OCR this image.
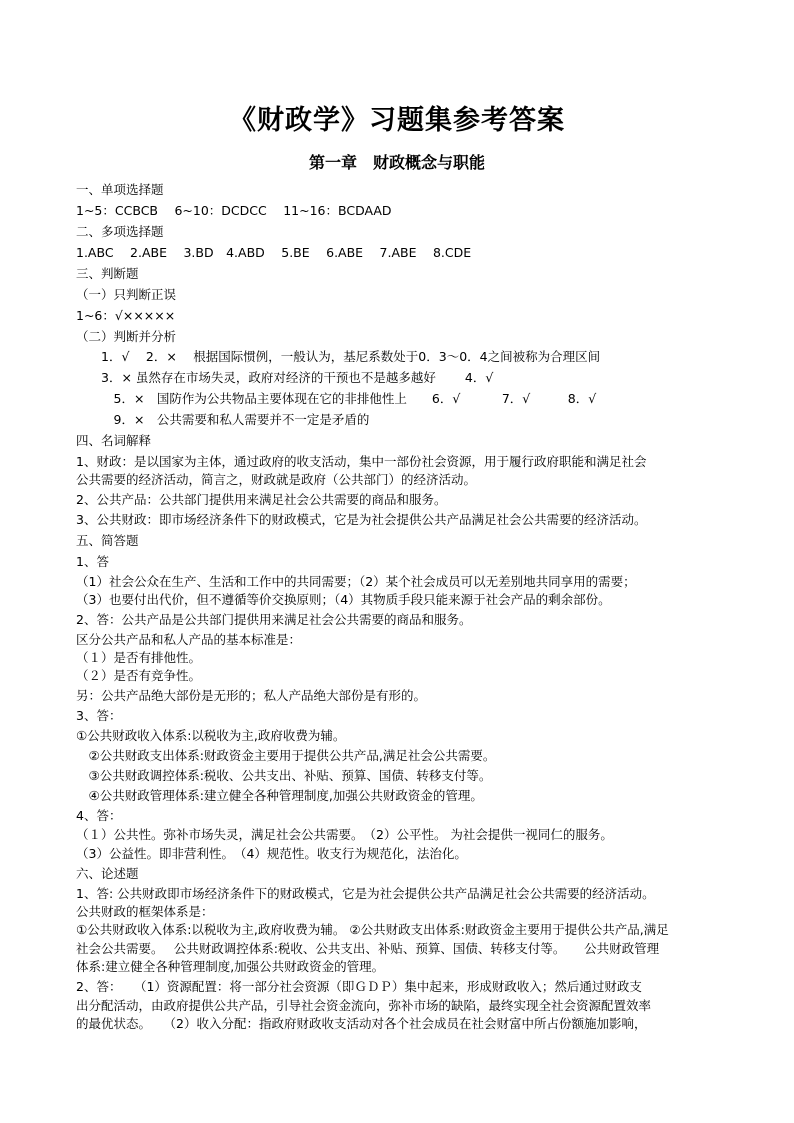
《财政学》习题集参考答案
第一章　财政概念与职能
一、单项选择题
1~5：CCBCB　 6~10：DCDCC　 11~16：BCDAAD
二、多项选择题
1.ABC　 2.ABE　 3.BD　4.ABD　 5.BE　 6.ABE　 7.ABE　 8.CDE
三、判断题
（一）只判断正误
1~6：√×××××
（二）判断并分析
　　1．√　 2．×　 根据国际惯例，一般认为，基尼系数处于0．3～0．4之间被称为合理区间
　　3．× 虽然存在市场失灵，政府对经济的干预也不是越多越好　　 4．√
　　　5．×　国防作为公共物品主要体现在它的非排他性上　　6．√　　　 7．√　　　8．√
　　　9．×　公共需要和私人需要并不一定是矛盾的
四、名词解释
1、财政：是以国家为主体，通过政府的收支活动，集中一部份社会资源，用于履行政府职能和满足社会
公共需要的经济活动，简言之，财政就是政府（公共部门）的经济活动。
2、公共产品：公共部门提供用来满足社会公共需要的商品和服务。
3、公共财政：即市场经济条件下的财政模式，它是为社会提供公共产品满足社会公共需要的经济活动。
五、简答题
1、答
（1）社会公众在生产、生活和工作中的共同需要；（2）某个社会成员可以无差别地共同享用的需要；
（3）也要付出代价，但不遵循等价交换原则；（4）其物质手段只能来源于社会产品的剩余部份。
2、答：公共产品是公共部门提供用来满足社会公共需要的商品和服务。
区分公共产品和私人产品的基本标准是：
（１）是否有排他性。
（２）是否有竞争性。
另：公共产品绝大部份是无形的；私人产品绝大部份是有形的。
3、答：
①公共财政收入体系:以税收为主,政府收费为辅。
　②公共财政支出体系:财政资金主要用于提供公共产品,满足社会公共需要。
　③公共财政调控体系:税收、公共支出、补贴、预算、国债、转移支付等。
　④公共财政管理体系:建立健全各种管理制度,加强公共财政资金的管理。
4、答：
（１）公共性。弥补市场失灵，满足社会公共需要。　（2）公平性。 为社会提供一视同仁的服务。
（3）公益性。即非营利性。　（4）规范性。收支行为规范化，法治化。
六、论述题
1、答: 公共财政即市场经济条件下的财政模式，它是为社会提供公共产品满足社会公共需要的经济活动。
公共财政的框架体系是：
①公共财政收入体系:以税收为主,政府收费为辅。 ②公共财政支出体系:财政资金主要用于提供公共产品,满足
社会公共需要。　 公共财政调控体系:税收、公共支出、补贴、预算、国债、转移支付等。　　公共财政管理
体系:建立健全各种管理制度,加强公共财政资金的管理。
2、答：　　（1）资源配置：将一部分社会资源（即ＧＤＰ）集中起来，形成财政收入；然后通过财政支
出分配活动，由政府提供公共产品，引导社会资金流向，弥补市场的缺陷，最终实现全社会资源配置效率
的最优状态。　　（2）收入分配：指政府财政收支活动对各个社会成员在社会财富中所占份额施加影响，
